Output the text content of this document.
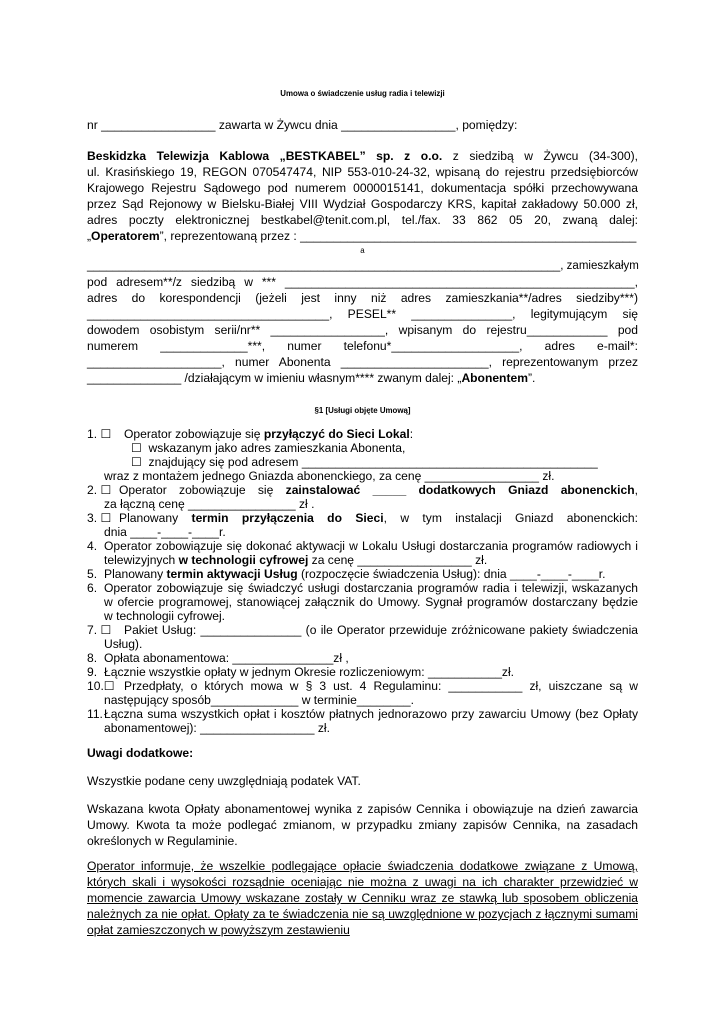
Umowa o świadczenie usług radia i telewizji
nr _________________ zawarta w Żywcu dnia _________________, pomiędzy:
Beskidzka Telewizja Kablowa „BESTKABEL” sp. z o.o. z siedzibą w Żywcu (34-300),
ul. Krasińskiego 19, REGON 070547474, NIP 553-010-24-32, wpisaną do rejestru przedsiębiorców
Krajowego Rejestru Sądowego pod numerem 0000015141, dokumentacja spółki przechowywana
przez Sąd Rejonowy w Bielsku-Białej VIII Wydział Gospodarczy KRS, kapitał zakładowy 50.000 zł,
adres poczty elektronicznej bestkabel@tenit.com.pl, tel./fax. 33 862 05 20, zwaną dalej:
„Operatorem”, reprezentowaną przez : __________________________________________________
a
__________________________________________________________________________, zamieszkałym
pod adresem**/z siedzibą w *** ____________________________________________________,
adres do korespondencji (jeżeli jest inny niż adres zamieszkania**/adres siedziby***)
____________________________________, PESEL** _______________, legitymującym się
dowodem osobistym serii/nr** _________________, wpisanym do rejestru____________ pod
numerem _____________***, numer telefonu*___________________, adres e-mail*:
____________________, numer Abonenta ______________________, reprezentowanym przez
______________ /działającym w imieniu własnym**** zwanym dalej: „Abonentem”.
§1 [Usługi objęte Umową]
1. ☐ Operator zobowiązuje się przyłączyć do Sieci Lokal:
☐  wskazanym jako adres zamieszkania Abonenta,
☐  znajdujący się pod adresem ____________________________________________
wraz z montażem jednego Gniazda abonenckiego, za cenę _________________ zł.
2. ☐ Operator zobowiązuje się zainstalować _____ dodatkowych Gniazd abonenckich,
za łączną cenę ________________ zł .
3. ☐ Planowany termin przyłączenia do Sieci, w tym instalacji Gniazd abonenckich:
dnia ____-____-____r.
4. Operator zobowiązuje się dokonać aktywacji w Lokalu Usługi dostarczania programów radiowych i
telewizyjnych w technologii cyfrowej za cenę _________________ zł.
5. Planowany termin aktywacji Usług (rozpoczęcie świadczenia Usług): dnia ____-____-____r.
6. Operator zobowiązuje się świadczyć usługi dostarczania programów radia i telewizji, wskazanych
w ofercie programowej, stanowiącej załącznik do Umowy. Sygnał programów dostarczany będzie
w technologii cyfrowej.
7. ☐ Pakiet Usług: _______________ (o ile Operator przewiduje zróżnicowane pakiety świadczenia
Usług).
8. Opłata abonamentowa: _______________zł ,
9. Łącznie wszystkie opłaty w jednym Okresie rozliczeniowym: ___________zł.
10.☐ Przedpłaty, o których mowa w § 3 ust. 4 Regulaminu: ___________ zł, uiszczane są w
następujący sposób_____________ w terminie________.
11. Łączna suma wszystkich opłat i kosztów płatnych jednorazowo przy zawarciu Umowy (bez Opłaty
abonamentowej): _________________ zł.
Uwagi dodatkowe:
Wszystkie podane ceny uwzględniają podatek VAT.
Wskazana kwota Opłaty abonamentowej wynika z zapisów Cennika i obowiązuje na dzień zawarcia
Umowy. Kwota ta może podlegać zmianom, w przypadku zmiany zapisów Cennika, na zasadach
określonych w Regulaminie.
Operator informuje, że wszelkie podlegające opłacie świadczenia dodatkowe związane z Umową,
których skali i wysokości rozsądnie oceniając nie można z uwagi na ich charakter przewidzieć w
momencie zawarcia Umowy wskazane zostały w Cenniku wraz ze stawką lub sposobem obliczenia
należnych za nie opłat. Opłaty za te świadczenia nie są uwzględnione w pozycjach z łącznymi sumami
opłat zamieszczonych w powyższym zestawieniu
